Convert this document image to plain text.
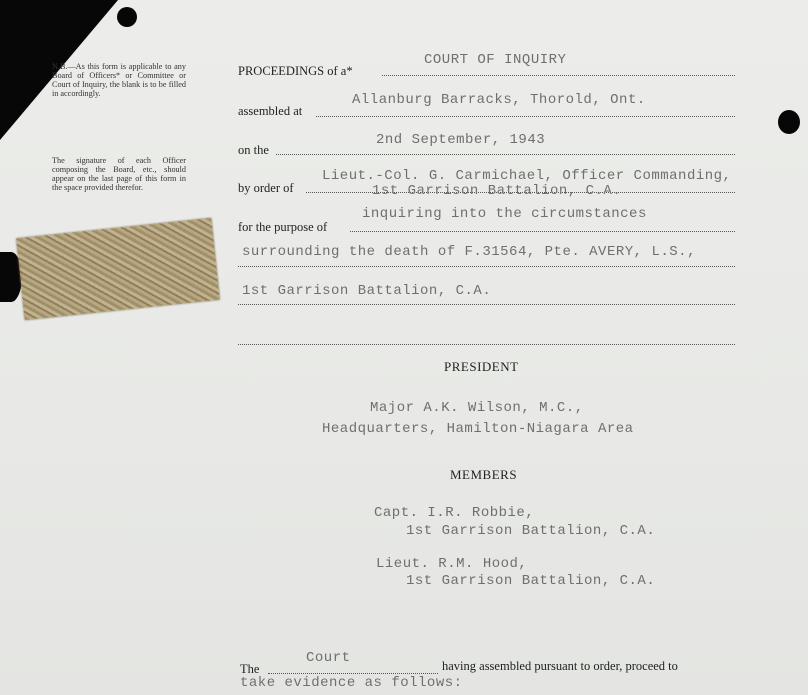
N.B.—As this form is applicable to any Board of Officers* or Committee or Court of Inquiry, the blank is to be filled in accordingly.
The signature of each Officer composing the Board, etc., should appear on the last page of this form in the space provided therefor.
PROCEEDINGS of a*
COURT OF INQUIRY
assembled at
Allanburg Barracks, Thorold, Ont.
on the
2nd September, 1943
by order of
Lieut.-Col. G. Carmichael, Officer Commanding,
1st Garrison Battalion, C.A.
for the purpose of
inquiring into the circumstances
surrounding the death of F.31564, Pte. AVERY, L.S.,
1st Garrison Battalion, C.A.
PRESIDENT
Major A.K. Wilson, M.C.,
Headquarters, Hamilton-Niagara Area
MEMBERS
Capt. I.R. Robbie,
1st Garrison Battalion, C.A.
Lieut. R.M. Hood,
1st Garrison Battalion, C.A.
The
Court	having assembled pursuant to order, proceed to
take evidence as follows:
